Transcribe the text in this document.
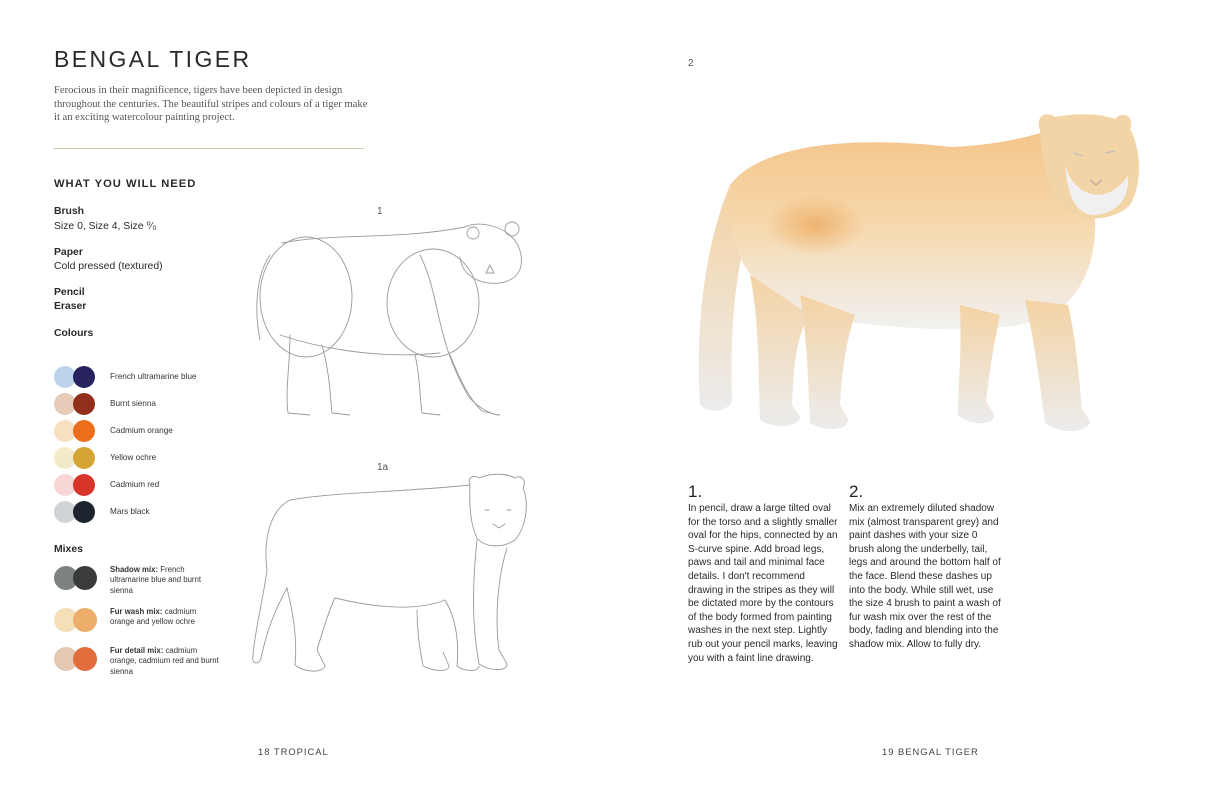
BENGAL TIGER
Ferocious in their magnificence, tigers have been depicted in design throughout the centuries. The beautiful stripes and colours of a tiger make it an exciting watercolour painting project.
WHAT YOU WILL NEED
Brush
Size 0, Size 4, Size ⁰⁄₀
Paper
Cold pressed (textured)
Pencil
Eraser
Colours
French ultramarine blue
Burnt sienna
Cadmium orange
Yellow ochre
Cadmium red
Mars black
Mixes
Shadow mix: French ultramarine blue and burnt sienna
Fur wash mix: cadmium orange and yellow ochre
Fur detail mix: cadmium orange, cadmium red and burnt sienna
1
1a
18 TROPICAL
2
1.
In pencil, draw a large tilted oval for the torso and a slightly smaller oval for the hips, connected by an S-curve spine. Add broad legs, paws and tail and minimal face details. I don't recommend drawing in the stripes as they will be dictated more by the contours of the body formed from painting washes in the next step. Lightly rub out your pencil marks, leaving you with a faint line drawing.
2.
Mix an extremely diluted shadow mix (almost transparent grey) and paint dashes with your size 0 brush along the underbelly, tail, legs and around the bottom half of the face. Blend these dashes up into the body. While still wet, use the size 4 brush to paint a wash of fur wash mix over the rest of the body, fading and blending into the shadow mix. Allow to fully dry.
19 BENGAL TIGER
